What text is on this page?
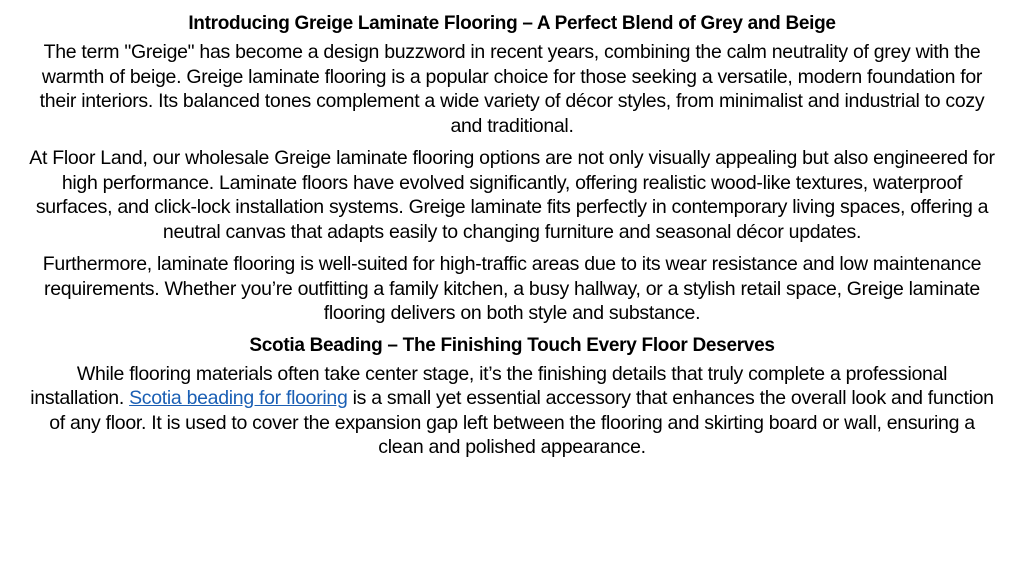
Introducing Greige Laminate Flooring – A Perfect Blend of Grey and Beige

The term "Greige" has become a design buzzword in recent years, combining the calm neutrality of grey with the warmth of beige. Greige laminate flooring is a popular choice for those seeking a versatile, modern foundation for their interiors. Its balanced tones complement a wide variety of décor styles, from minimalist and industrial to cozy and traditional.

At Floor Land, our wholesale Greige laminate flooring options are not only visually appealing but also engineered for high performance. Laminate floors have evolved significantly, offering realistic wood-like textures, waterproof surfaces, and click-lock installation systems. Greige laminate fits perfectly in contemporary living spaces, offering a neutral canvas that adapts easily to changing furniture and seasonal décor updates.

Furthermore, laminate flooring is well-suited for high-traffic areas due to its wear resistance and low maintenance requirements. Whether you’re outfitting a family kitchen, a busy hallway, or a stylish retail space, Greige laminate flooring delivers on both style and substance.

Scotia Beading – The Finishing Touch Every Floor Deserves

While flooring materials often take center stage, it’s the finishing details that truly complete a professional installation. Scotia beading for flooring is a small yet essential accessory that enhances the overall look and function of any floor. It is used to cover the expansion gap left between the flooring and skirting board or wall, ensuring a clean and polished appearance.
